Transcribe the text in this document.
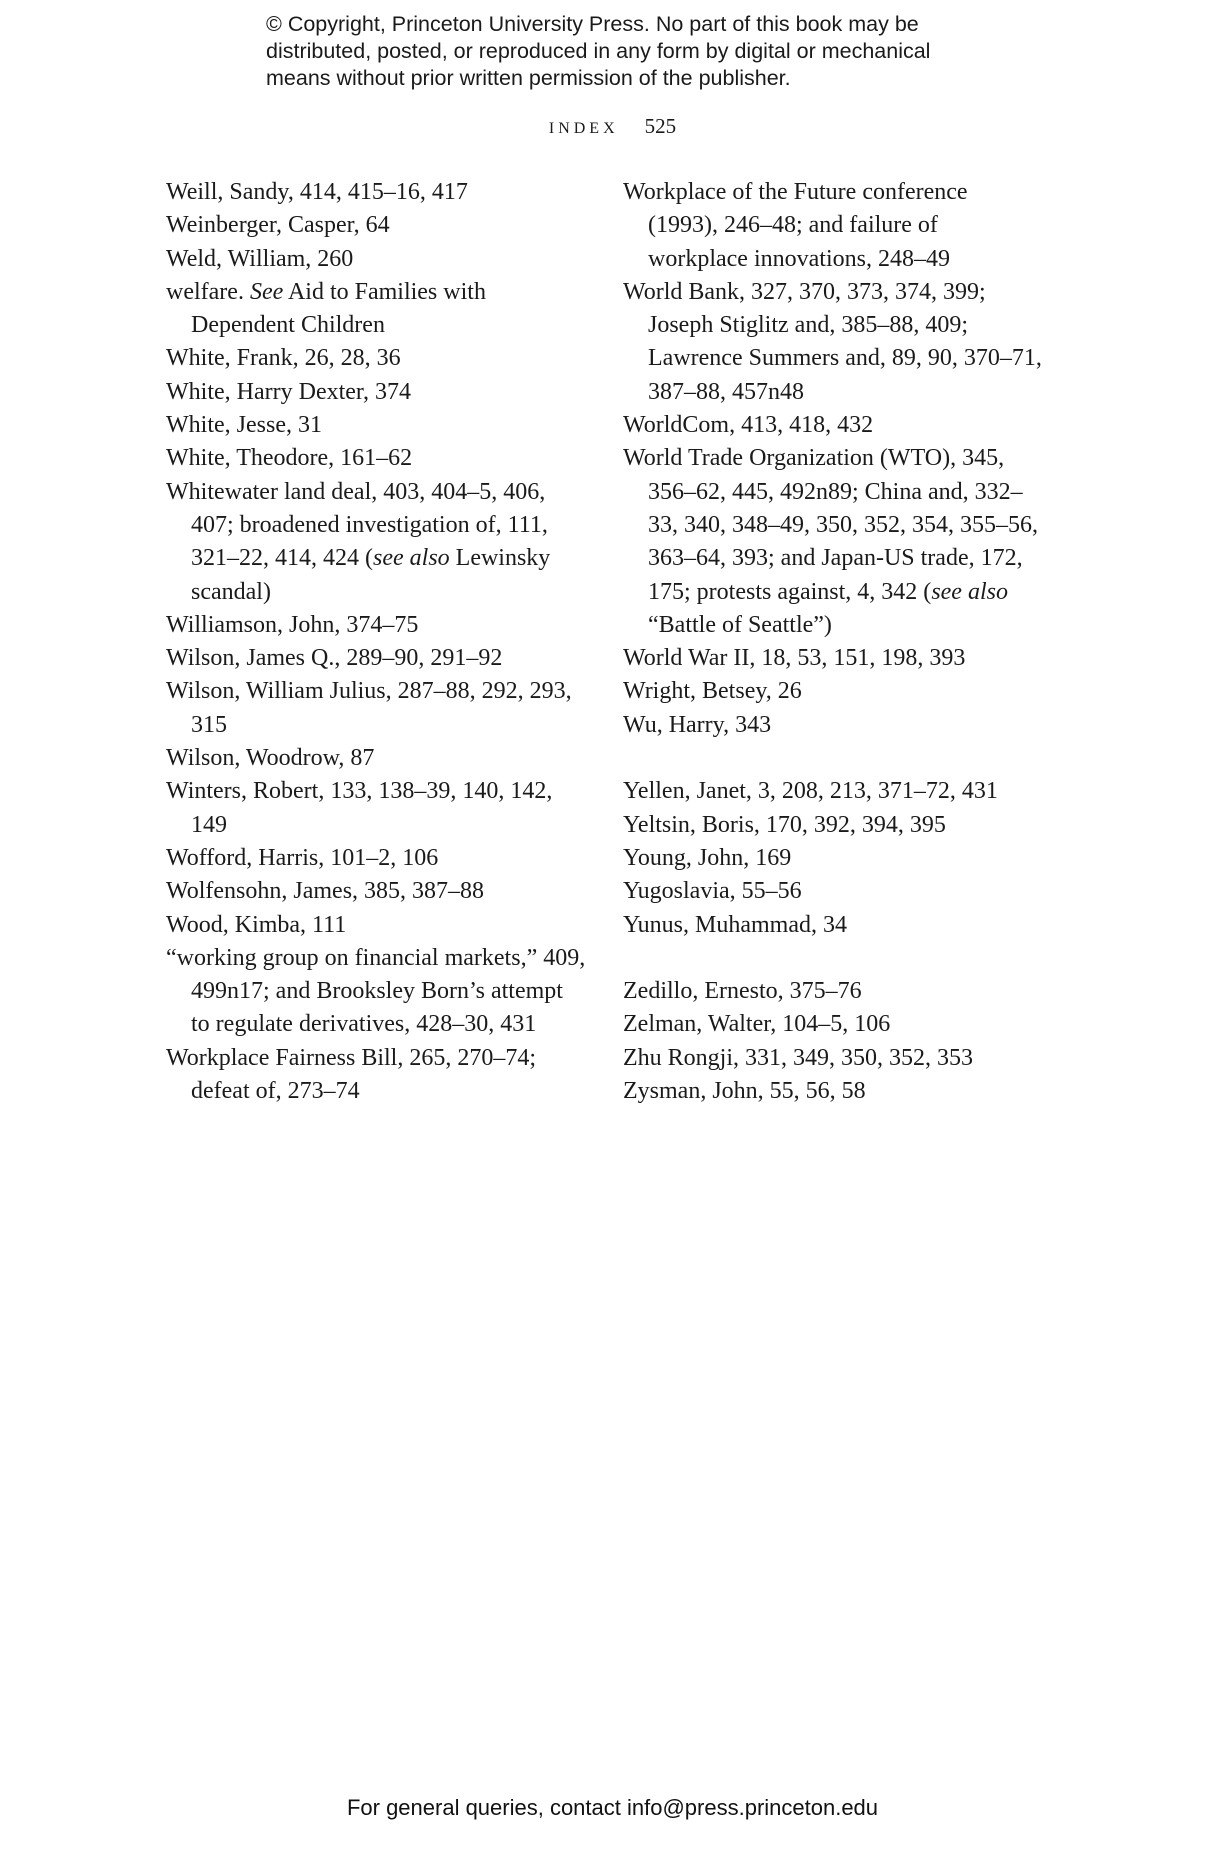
© Copyright, Princeton University Press. No part of this book may be
distributed, posted, or reproduced in any form by digital or mechanical
means without prior written permission of the publisher.
INDEX 525

Weill, Sandy, 414, 415–16, 417

Weinberger, Casper, 64

Weld, William, 260

welfare. See Aid to Families with Dependent Children

White, Frank, 26, 28, 36

White, Harry Dexter, 374

White, Jesse, 31

White, Theodore, 161–62

Whitewater land deal, 403, 404–5, 406, 407; broadened investigation of, 111, 321–22, 414, 424 (see also Lewinsky scandal)

Williamson, John, 374–75

Wilson, James Q., 289–90, 291–92

Wilson, William Julius, 287–88, 292, 293, 315

Wilson, Woodrow, 87

Winters, Robert, 133, 138–39, 140, 142, 149

Wofford, Harris, 101–2, 106

Wolfensohn, James, 385, 387–88

Wood, Kimba, 111

“working group on financial markets,” 409, 499n17; and Brooksley Born’s attempt to regulate derivatives, 428–30, 431

Workplace Fairness Bill, 265, 270–74; defeat of, 273–74

Workplace of the Future conference (1993), 246–48; and failure of workplace innovations, 248–49

World Bank, 327, 370, 373, 374, 399; Joseph Stiglitz and, 385–88, 409; Lawrence Summers and, 89, 90, 370–71, 387–88, 457n48

WorldCom, 413, 418, 432

World Trade Organization (WTO), 345, 356–62, 445, 492n89; China and, 332–33, 340, 348–49, 350, 352, 354, 355–56, 363–64, 393; and Japan-US trade, 172, 175; protests against, 4, 342 (see also “Battle of Seattle”)

World War II, 18, 53, 151, 198, 393

Wright, Betsey, 26

Wu, Harry, 343

Yellen, Janet, 3, 208, 213, 371–72, 431

Yeltsin, Boris, 170, 392, 394, 395

Young, John, 169

Yugoslavia, 55–56

Yunus, Muhammad, 34

Zedillo, Ernesto, 375–76

Zelman, Walter, 104–5, 106

Zhu Rongji, 331, 349, 350, 352, 353

Zysman, John, 55, 56, 58

For general queries, contact info@press.princeton.edu
